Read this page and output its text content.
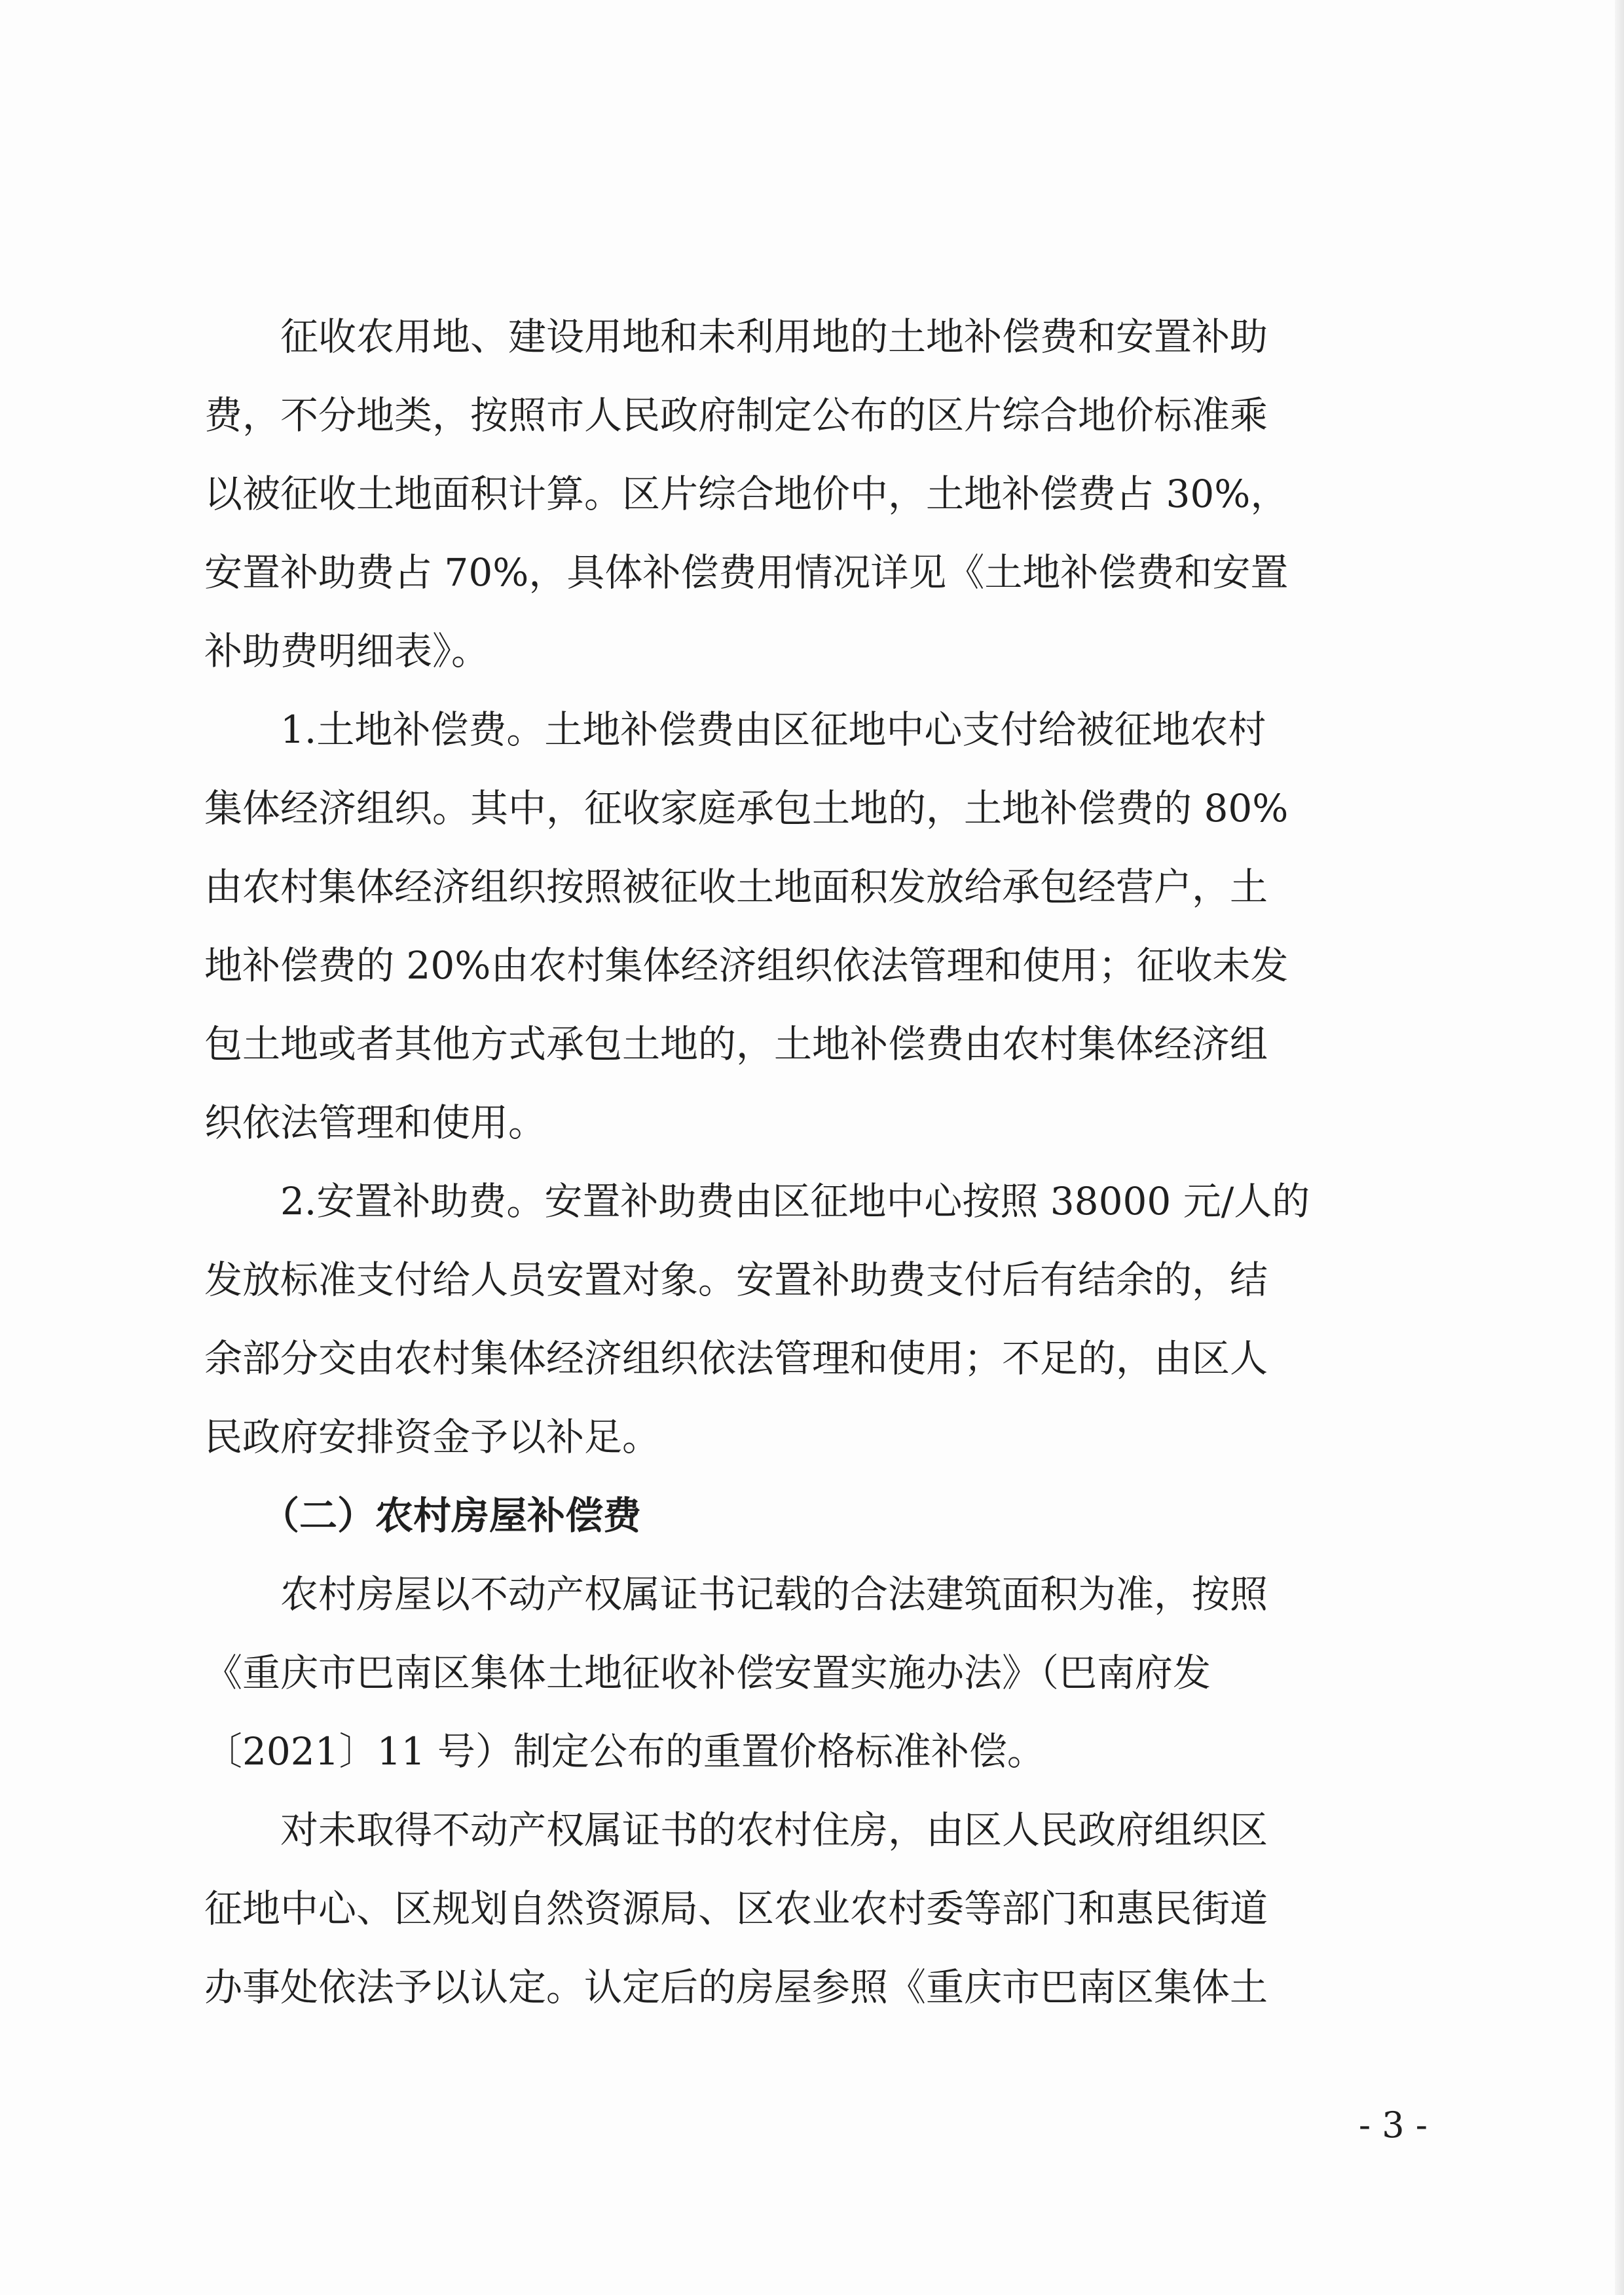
　　征收农用地、建设用地和未利用地的土地补偿费和安置补助
费，不分地类，按照市人民政府制定公布的区片综合地价标准乘
以被征收土地面积计算。区片综合地价中，土地补偿费占 30%，
安置补助费占 70%，具体补偿费用情况详见《土地补偿费和安置
补助费明细表》。
　　1.土地补偿费。土地补偿费由区征地中心支付给被征地农村
集体经济组织。其中，征收家庭承包土地的，土地补偿费的 80%
由农村集体经济组织按照被征收土地面积发放给承包经营户，土
地补偿费的 20%由农村集体经济组织依法管理和使用；征收未发
包土地或者其他方式承包土地的，土地补偿费由农村集体经济组
织依法管理和使用。
　　2.安置补助费。安置补助费由区征地中心按照 38000 元/人的
发放标准支付给人员安置对象。安置补助费支付后有结余的，结
余部分交由农村集体经济组织依法管理和使用；不足的，由区人
民政府安排资金予以补足。
　　（二）农村房屋补偿费
　　农村房屋以不动产权属证书记载的合法建筑面积为准，按照
《重庆市巴南区集体土地征收补偿安置实施办法》（巴南府发
〔2021〕11 号）制定公布的重置价格标准补偿。
　　对未取得不动产权属证书的农村住房，由区人民政府组织区
征地中心、区规划自然资源局、区农业农村委等部门和惠民街道
办事处依法予以认定。认定后的房屋参照《重庆市巴南区集体土
- 3 -
